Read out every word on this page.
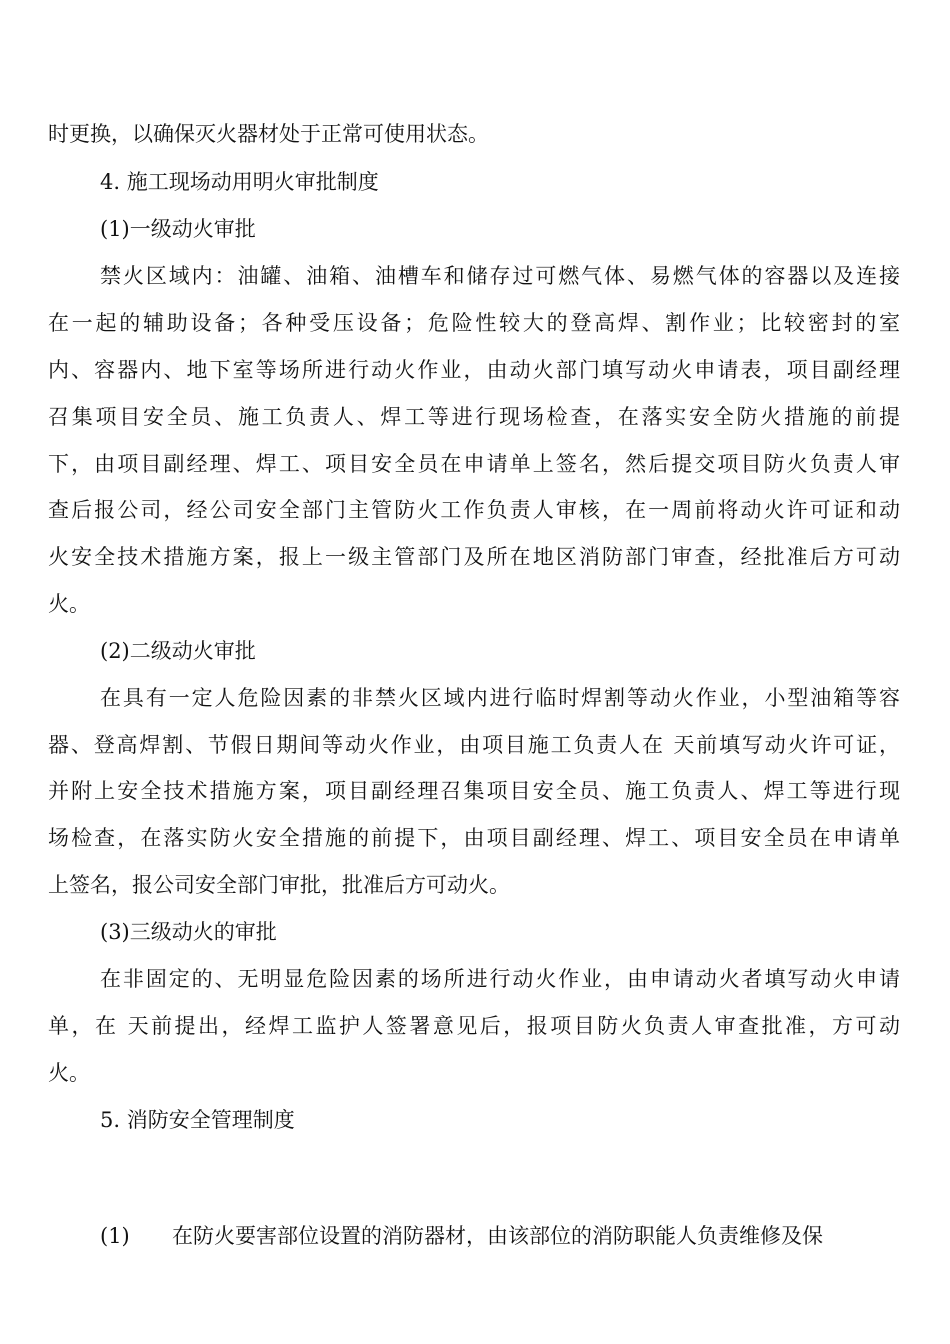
时更换，以确保灭火器材处于正常可使用状态。
4. 施工现场动用明火审批制度
(1)一级动火审批
禁火区域内：油罐、油箱、油槽车和储存过可燃气体、易燃气体的容器以及连接
在一起的辅助设备；各种受压设备；危险性较大的登高焊、割作业；比较密封的室
内、容器内、地下室等场所进行动火作业，由动火部门填写动火申请表，项目副经理
召集项目安全员、施工负责人、焊工等进行现场检查，在落实安全防火措施的前提
下，由项目副经理、焊工、项目安全员在申请单上签名，然后提交项目防火负责人审
查后报公司，经公司安全部门主管防火工作负责人审核，在一周前将动火许可证和动
火安全技术措施方案，报上一级主管部门及所在地区消防部门审查，经批准后方可动
火。
(2)二级动火审批
在具有一定人危险因素的非禁火区域内进行临时焊割等动火作业，小型油箱等容
器、登高焊割、节假日期间等动火作业，由项目施工负责人在 天前填写动火许可证，
并附上安全技术措施方案，项目副经理召集项目安全员、施工负责人、焊工等进行现
场检查，在落实防火安全措施的前提下，由项目副经理、焊工、项目安全员在申请单
上签名，报公司安全部门审批，批准后方可动火。
(3)三级动火的审批
在非固定的、无明显危险因素的场所进行动火作业，由申请动火者填写动火申请
单，在 天前提出，经焊工监护人签署意见后，报项目防火负责人审查批准，方可动
火。
5. 消防安全管理制度
(1) 在防火要害部位设置的消防器材，由该部位的消防职能人负责维修及保
